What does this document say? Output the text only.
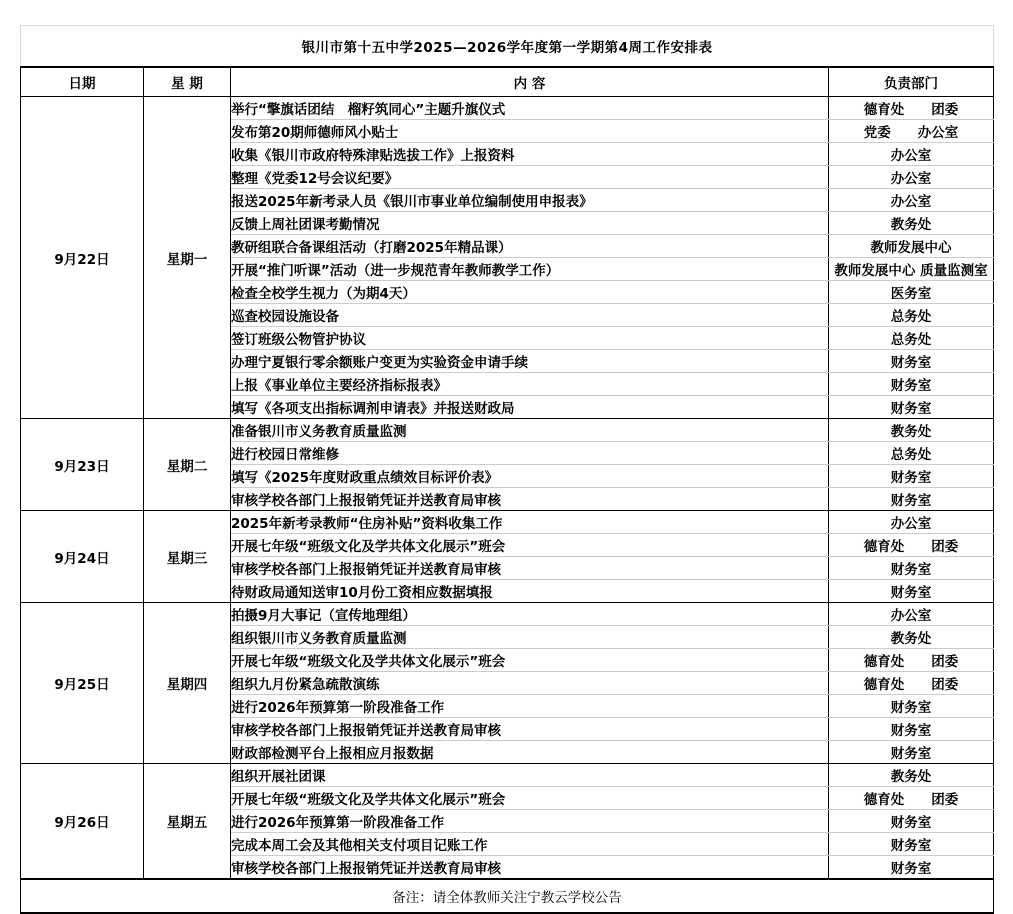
银川市第十五中学2025—2026学年度第一学期第4周工作安排表			
日期	星 期	内 容	负责部门
9月22日	星期一	举行“擎旗话团结　榴籽筑同心”主题升旗仪式	德育处　　团委
		发布第20期师德师风小贴士	党委　　办公室
		收集《银川市政府特殊津贴选拔工作》上报资料	办公室
		整理《党委12号会议纪要》	办公室
		报送2025年新考录人员《银川市事业单位编制使用申报表》	办公室
		反馈上周社团课考勤情况	教务处
		教研组联合备课组活动（打磨2025年精品课）	教师发展中心
		开展“推门听课”活动（进一步规范青年教师教学工作）	教师发展中心 质量监测室
		检查全校学生视力（为期4天）	医务室
		巡查校园设施设备	总务处
		签订班级公物管护协议	总务处
		办理宁夏银行零余额账户变更为实验资金申请手续	财务室
		上报《事业单位主要经济指标报表》	财务室
		填写《各项支出指标调剂申请表》并报送财政局	财务室
9月23日	星期二	准备银川市义务教育质量监测	教务处
		进行校园日常维修	总务处
		填写《2025年度财政重点绩效目标评价表》	财务室
		审核学校各部门上报报销凭证并送教育局审核	财务室
9月24日	星期三	2025年新考录教师“住房补贴”资料收集工作	办公室
		开展七年级“班级文化及学共体文化展示”班会	德育处　　团委
		审核学校各部门上报报销凭证并送教育局审核	财务室
		待财政局通知送审10月份工资相应数据填报	财务室
9月25日	星期四	拍摄9月大事记（宣传地理组）	办公室
		组织银川市义务教育质量监测	教务处
		开展七年级“班级文化及学共体文化展示”班会	德育处　　团委
		组织九月份紧急疏散演练	德育处　　团委
		进行2026年预算第一阶段准备工作	财务室
		审核学校各部门上报报销凭证并送教育局审核	财务室
		财政部检测平台上报相应月报数据	财务室
9月26日	星期五	组织开展社团课	教务处
		开展七年级“班级文化及学共体文化展示”班会	德育处　　团委
		进行2026年预算第一阶段准备工作	财务室
		完成本周工会及其他相关支付项目记账工作	财务室
		审核学校各部门上报报销凭证并送教育局审核	财务室
备注：请全体教师关注宁教云学校公告			
